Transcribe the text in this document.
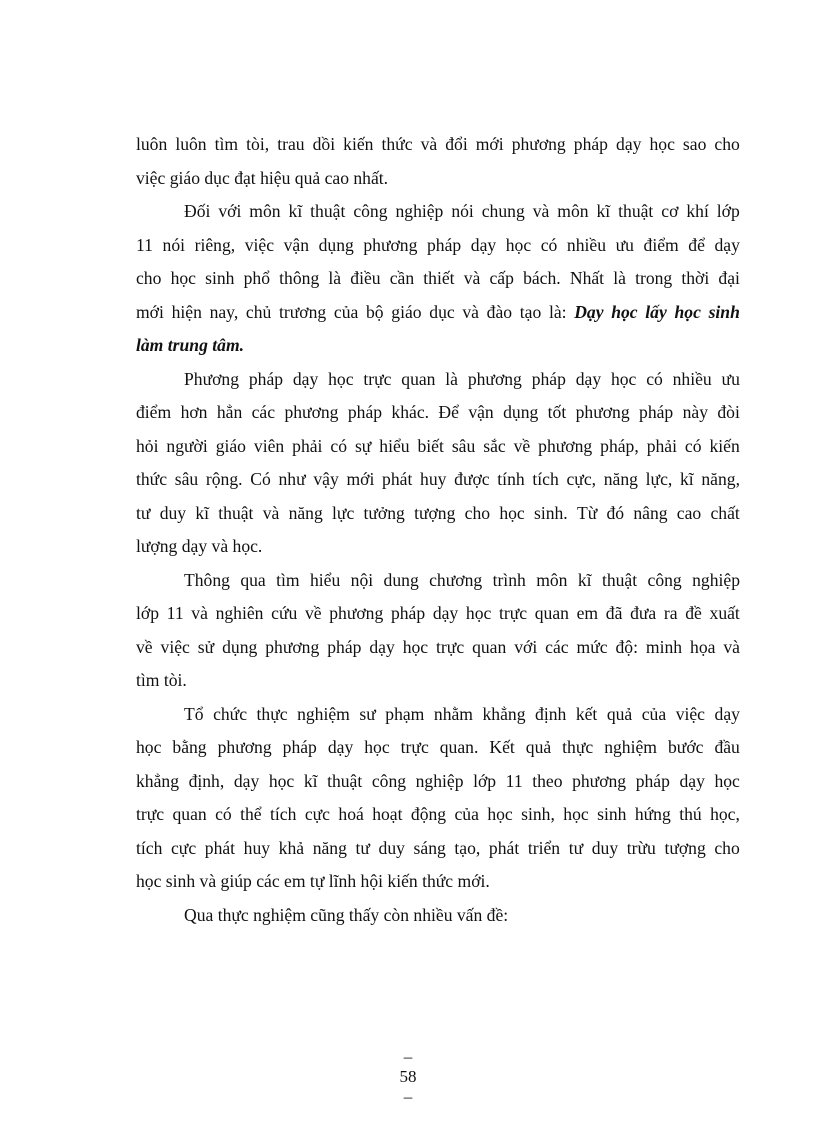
luôn luôn tìm tòi, trau dồi kiến thức và đổi mới phương pháp dạy học sao cho
việc giáo dục đạt hiệu quả cao nhất.
Đối với môn kĩ thuật công nghiệp nói chung và môn kĩ thuật cơ khí lớp
11 nói riêng, việc vận dụng phương pháp dạy học có nhiều ưu điểm để dạy
cho học sinh phổ thông là điều cần thiết và cấp bách. Nhất là trong thời đại
mới hiện nay, chủ trương của bộ giáo dục và đào tạo là: Dạy học lấy học sinh
làm trung tâm.
Phương pháp dạy học trực quan là phương pháp dạy học có nhiều ưu
điểm hơn hẳn các phương pháp khác. Để vận dụng tốt phương pháp này đòi
hỏi người giáo viên phải có sự hiểu biết sâu sắc về phương pháp, phải có kiến
thức sâu rộng. Có như vậy mới phát huy được tính tích cực, năng lực, kĩ năng,
tư duy kĩ thuật và năng lực tưởng tượng cho học sinh. Từ đó nâng cao chất
lượng dạy và học.
Thông qua tìm hiểu nội dung chương trình môn kĩ thuật công nghiệp
lớp 11 và nghiên cứu về phương pháp dạy học trực quan em đã đưa ra đề xuất
về việc sử dụng phương pháp dạy học trực quan với các mức độ: minh họa và
tìm tòi.
Tổ chức thực nghiệm sư phạm nhằm khẳng định kết quả của việc dạy
học bằng phương pháp dạy học trực quan. Kết quả thực nghiệm bước đầu
khẳng định, dạy học kĩ thuật công nghiệp lớp 11 theo phương pháp dạy học
trực quan có thể tích cực hoá hoạt động của học sinh, học sinh hứng thú học,
tích cực phát huy khả năng tư duy sáng tạo, phát triển tư duy trừu tượng cho
học sinh và giúp các em tự lĩnh hội kiến thức mới.
Qua thực nghiệm cũng thấy còn nhiều vấn đề:
–
58
–
